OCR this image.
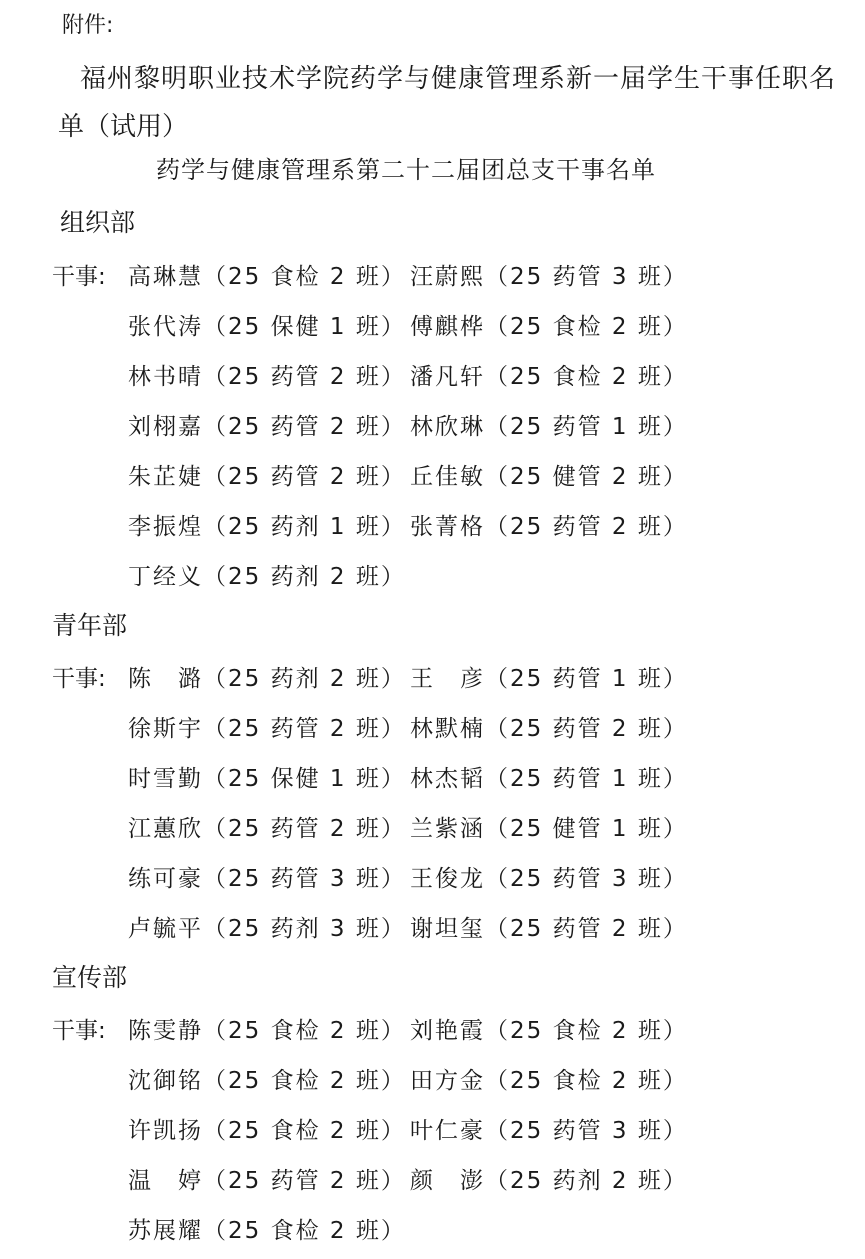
附件:
福州黎明职业技术学院药学与健康管理系新一届学生干事任职名
单（试用）
药学与健康管理系第二十二届团总支干事名单
组织部
干事: 高琳慧（25 食检 2 班） 汪蔚熙（25 药管 3 班）
张代涛（25 保健 1 班） 傅麒桦（25 食检 2 班）
林书晴（25 药管 2 班） 潘凡轩（25 食检 2 班）
刘栩嘉（25 药管 2 班） 林欣琳（25 药管 1 班）
朱芷婕（25 药管 2 班） 丘佳敏（25 健管 2 班）
李振煌（25 药剂 1 班） 张菁格（25 药管 2 班）
丁经义（25 药剂 2 班）
青年部
干事: 陈　潞（25 药剂 2 班） 王　彦（25 药管 1 班）
徐斯宇（25 药管 2 班） 林默楠（25 药管 2 班）
时雪勤（25 保健 1 班） 林杰韬（25 药管 1 班）
江蕙欣（25 药管 2 班） 兰紫涵（25 健管 1 班）
练可豪（25 药管 3 班） 王俊龙（25 药管 3 班）
卢毓平（25 药剂 3 班） 谢坦玺（25 药管 2 班）
宣传部
干事: 陈雯静（25 食检 2 班） 刘艳霞（25 食检 2 班）
沈御铭（25 食检 2 班） 田方金（25 食检 2 班）
许凯扬（25 食检 2 班） 叶仁豪（25 药管 3 班）
温　婷（25 药管 2 班） 颜　澎（25 药剂 2 班）
苏展耀（25 食检 2 班）
